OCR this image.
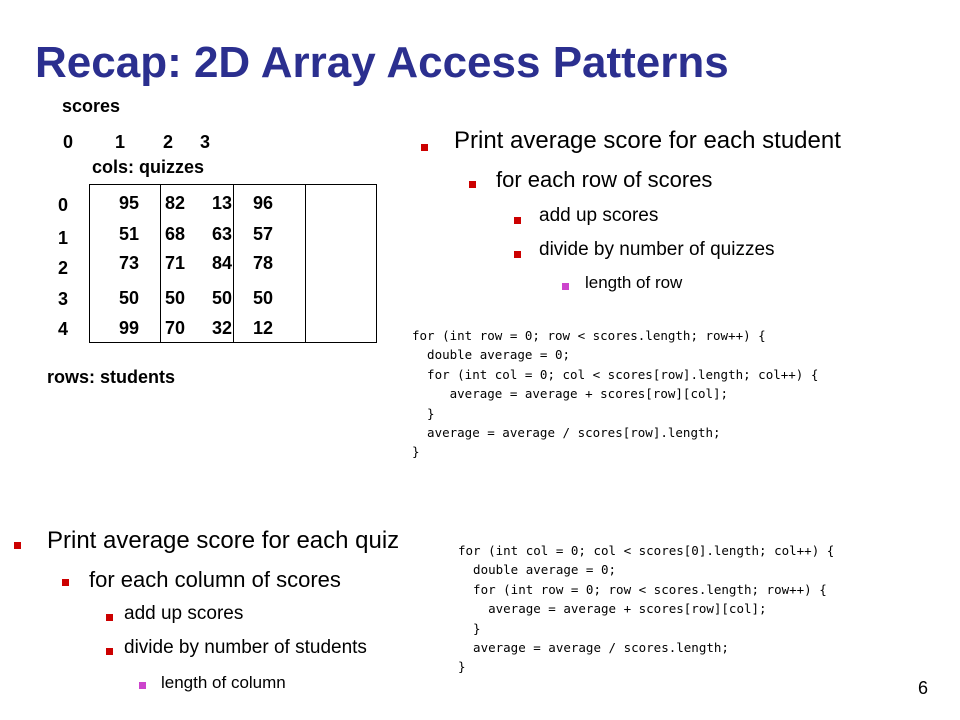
Recap: 2D Array Access Patterns
scores
0 1 2 3
cols: quizzes
0
1
2
3
4
95 82 13 96
51 68 63 57
73 71 84 78
50 50 50 50
99 70 32 12
rows: students
Print average score for each student
for each row of scores
add up scores
divide by number of quizzes
length of row
for (int row = 0; row < scores.length; row++) {
double average = 0;
for (int col = 0; col < scores[row].length; col++) {
average = average + scores[row][col];
}
average = average / scores[row].length;
}
Print average score for each quiz
for each column of scores
add up scores
divide by number of students
length of column
for (int col = 0; col < scores[0].length; col++) {
double average = 0;
for (int row = 0; row < scores.length; row++) {
average = average + scores[row][col];
}
average = average / scores.length;
}
6
